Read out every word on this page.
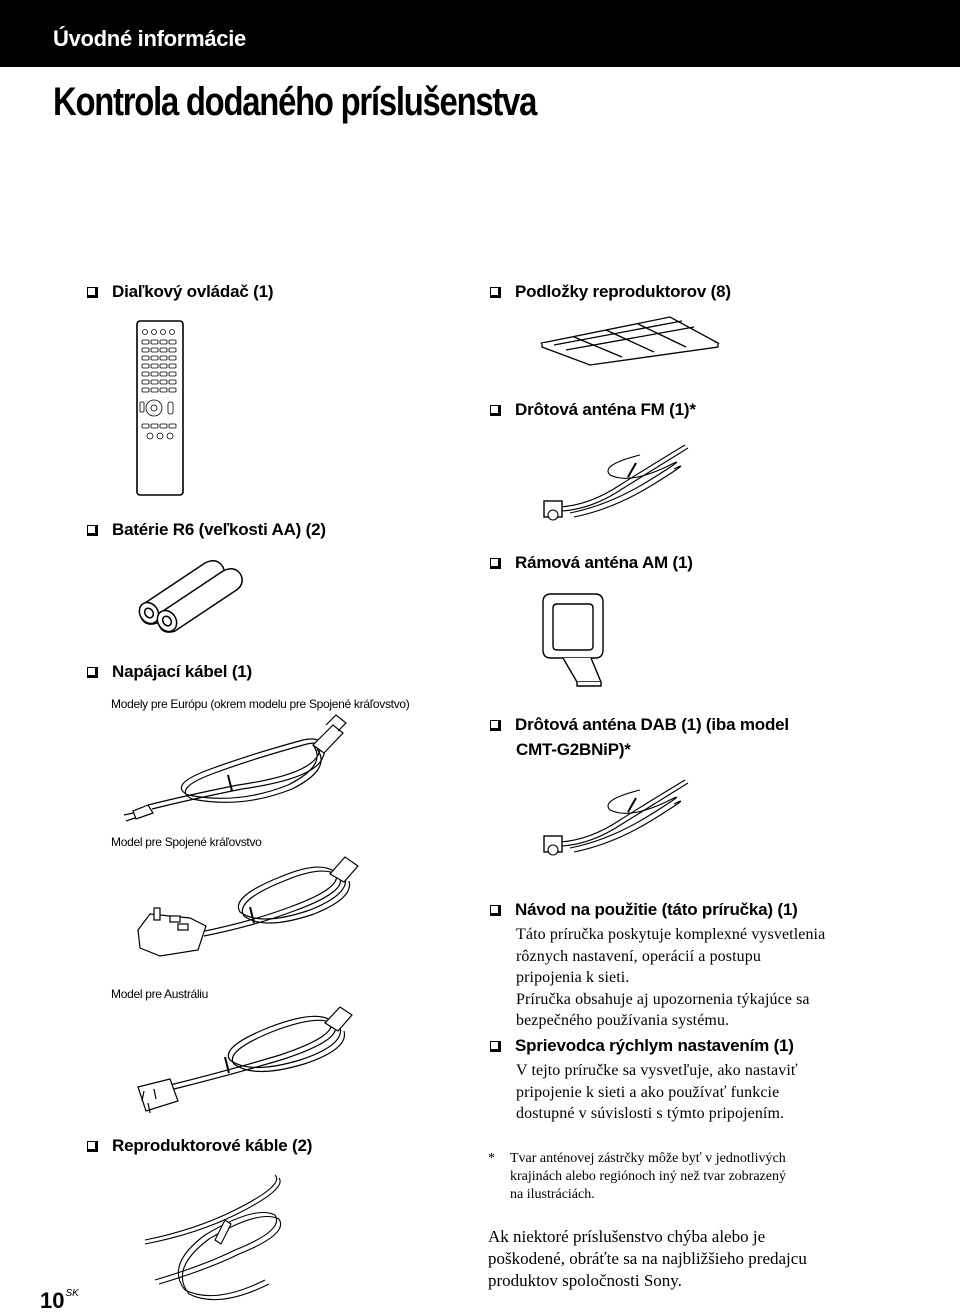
Úvodné informácie
Kontrola dodaného príslušenstva
Diaľkový ovládač (1)
Batérie R6 (veľkosti AA) (2)
Napájací kábel (1)
Modely pre Európu (okrem modelu pre Spojené kráľovstvo)
Model pre Spojené kráľovstvo
Model pre Austráliu
Reproduktorové káble (2)
Podložky reproduktorov (8)
Drôtová anténa FM (1)*
Rámová anténa AM (1)
Drôtová anténa DAB (1) (iba model
CMT-G2BNiP)*
Návod na použitie (táto príručka) (1)
Táto príručka poskytuje komplexné vysvetlenia
rôznych nastavení, operácií a postupu
pripojenia k sieti.
Príručka obsahuje aj upozornenia týkajúce sa
bezpečného používania systému.
Sprievodca rýchlym nastavením (1)
V tejto príručke sa vysvetľuje, ako nastaviť
pripojenie k sieti a ako používať funkcie
dostupné v súvislosti s týmto pripojením.
* Tvar anténovej zástrčky môže byť v jednotlivých
krajinách alebo regiónoch iný než tvar zobrazený
na ilustráciách.
Ak niektoré príslušenstvo chýba alebo je
poškodené, obráťte sa na najbližšieho predajcu
produktov spoločnosti Sony.
$10^{SK}$
